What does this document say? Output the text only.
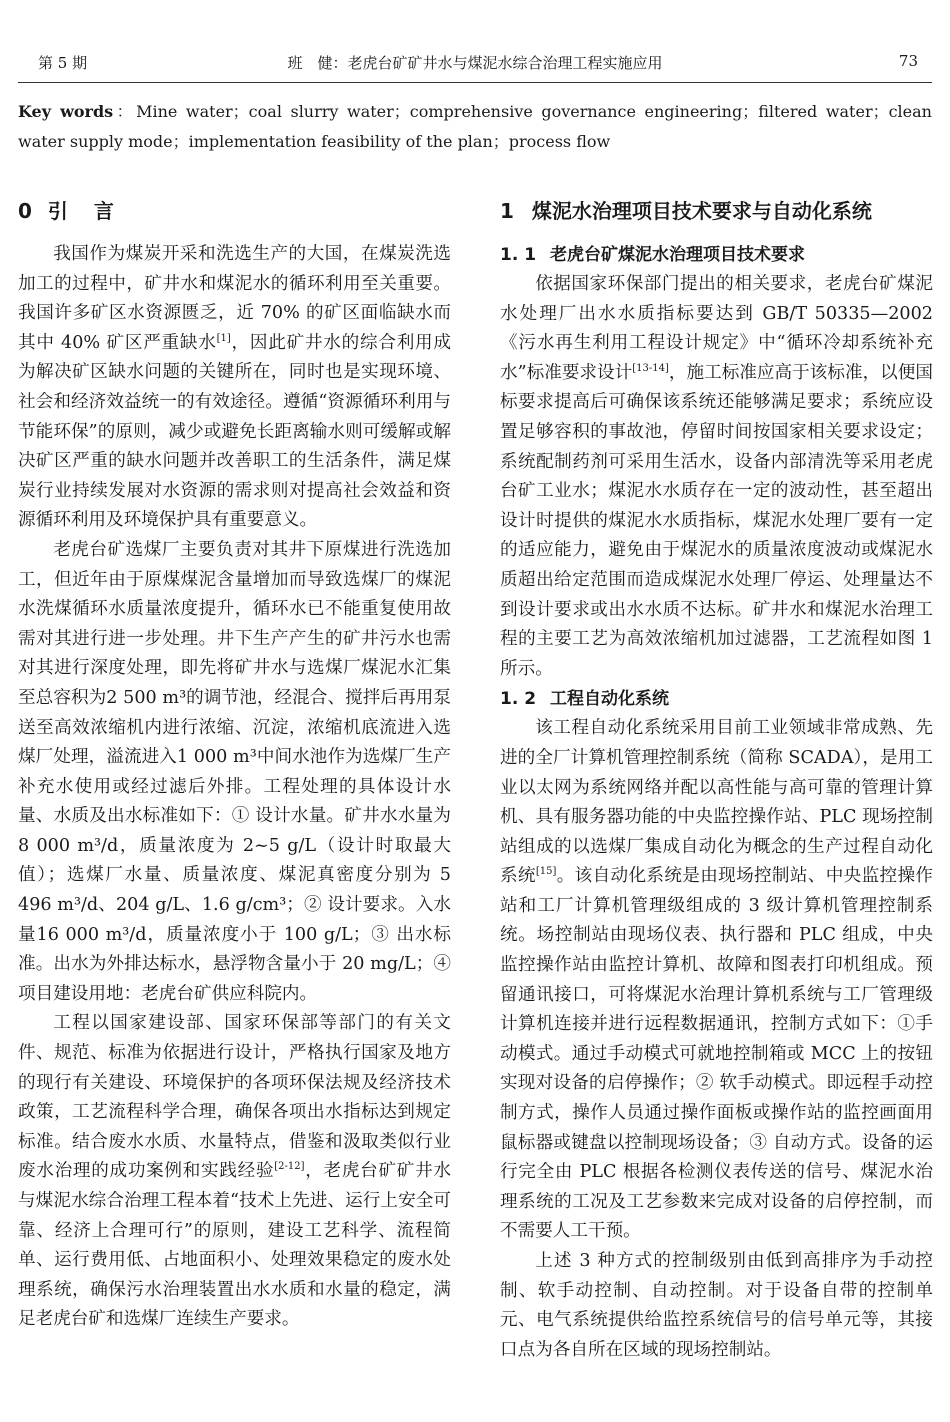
第 5 期	班　健：老虎台矿矿井水与煤泥水综合治理工程实施应用	73
Key words：Mine water；coal slurry water；comprehensive governance engineering；filtered water；clean water supply mode；implementation feasibility of the plan；process flow
0 引言

我国作为煤炭开采和洗选生产的大国，在煤炭洗选加工的过程中，矿井水和煤泥水的循环利用至关重要。我国许多矿区水资源匮乏，近 70% 的矿区面临缺水而其中 40% 矿区严重缺水[1]，因此矿井水的综合利用成为解决矿区缺水问题的关键所在，同时也是实现环境、社会和经济效益统一的有效途径。遵循“资源循环利用与节能环保”的原则，减少或避免长距离输水则可缓解或解决矿区严重的缺水问题并改善职工的生活条件，满足煤炭行业持续发展对水资源的需求则对提高社会效益和资源循环利用及环境保护具有重要意义。

老虎台矿选煤厂主要负责对其井下原煤进行洗选加工，但近年由于原煤煤泥含量增加而导致选煤厂的煤泥水洗煤循环水质量浓度提升，循环水已不能重复使用故需对其进行进一步处理。井下生产产生的矿井污水也需对其进行深度处理，即先将矿井水与选煤厂煤泥水汇集至总容积为2 500 m³的调节池，经混合、搅拌后再用泵送至高效浓缩机内进行浓缩、沉淀，浓缩机底流进入选煤厂处理，溢流进入1 000 m³中间水池作为选煤厂生产补充水使用或经过滤后外排。工程处理的具体设计水量、水质及出水标准如下：① 设计水量。矿井水水量为 8 000 m³/d，质量浓度为 2~5 g/L（设计时取最大值）；选煤厂水量、质量浓度、煤泥真密度分别为 5 496 m³/d、204 g/L、1.6 g/cm³；② 设计要求。入水量16 000 m³/d，质量浓度小于 100 g/L；③ 出水标准。出水为外排达标水，悬浮物含量小于 20 mg/L；④ 项目建设用地：老虎台矿供应科院内。

工程以国家建设部、国家环保部等部门的有关文件、规范、标准为依据进行设计，严格执行国家及地方的现行有关建设、环境保护的各项环保法规及经济技术政策，工艺流程科学合理，确保各项出水指标达到规定标准。结合废水水质、水量特点，借鉴和汲取类似行业废水治理的成功案例和实践经验[2-12]，老虎台矿矿井水与煤泥水综合治理工程本着“技术上先进、运行上安全可靠、经济上合理可行”的原则，建设工艺科学、流程简单、运行费用低、占地面积小、处理效果稳定的废水处理系统，确保污水治理装置出水水质和水量的稳定，满足老虎台矿和选煤厂连续生产要求。

1 煤泥水治理项目技术要求与自动化系统
1. 1 老虎台矿煤泥水治理项目技术要求

依据国家环保部门提出的相关要求，老虎台矿煤泥水处理厂出水水质指标要达到 GB/T 50335—2002《污水再生利用工程设计规定》中“循环冷却系统补充水”标准要求设计[13-14]，施工标准应高于该标准，以便国标要求提高后可确保该系统还能够满足要求；系统应设置足够容积的事故池，停留时间按国家相关要求设定；系统配制药剂可采用生活水，设备内部清洗等采用老虎台矿工业水；煤泥水水质存在一定的波动性，甚至超出设计时提供的煤泥水水质指标，煤泥水处理厂要有一定的适应能力，避免由于煤泥水的质量浓度波动或煤泥水质超出给定范围而造成煤泥水处理厂停运、处理量达不到设计要求或出水水质不达标。矿井水和煤泥水治理工程的主要工艺为高效浓缩机加过滤器，工艺流程如图 1 所示。

1. 2 工程自动化系统

该工程自动化系统采用目前工业领域非常成熟、先进的全厂计算机管理控制系统（简称 SCADA），是用工业以太网为系统网络并配以高性能与高可靠的管理计算机、具有服务器功能的中央监控操作站、PLC 现场控制站组成的以选煤厂集成自动化为概念的生产过程自动化系统[15]。该自动化系统是由现场控制站、中央监控操作站和工厂计算机管理级组成的 3 级计算机管理控制系统。场控制站由现场仪表、执行器和 PLC 组成，中央监控操作站由监控计算机、故障和图表打印机组成。预留通讯接口，可将煤泥水治理计算机系统与工厂管理级计算机连接并进行远程数据通讯，控制方式如下：①手动模式。通过手动模式可就地控制箱或 MCC 上的按钮实现对设备的启停操作；② 软手动模式。即远程手动控制方式，操作人员通过操作面板或操作站的监控画面用鼠标器或键盘以控制现场设备；③ 自动方式。设备的运行完全由 PLC 根据各检测仪表传送的信号、煤泥水治理系统的工况及工艺参数来完成对设备的启停控制，而不需要人工干预。

上述 3 种方式的控制级别由低到高排序为手动控制、软手动控制、自动控制。对于设备自带的控制单元、电气系统提供给监控系统信号的信号单元等，其接口点为各自所在区域的现场控制站。
